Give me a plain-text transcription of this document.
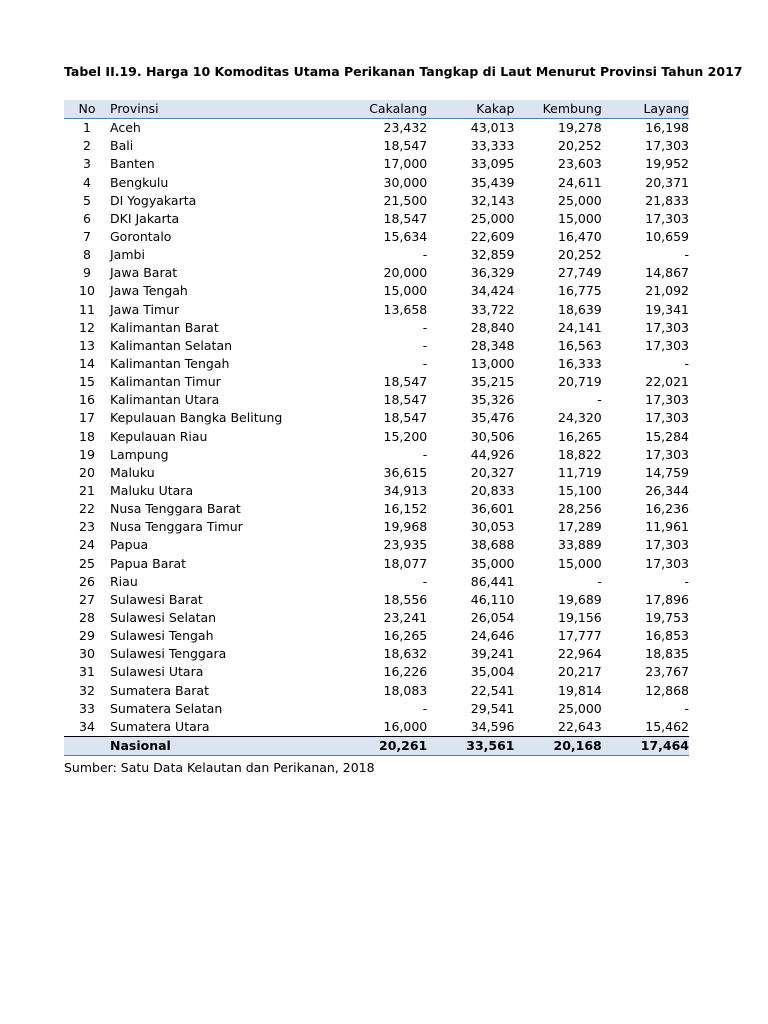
Tabel II.19. Harga 10 Komoditas Utama Perikanan Tangkap di Laut Menurut Provinsi Tahun 2017
No	Provinsi	Cakalang	Kakap	Kembung	Layang
1	Aceh	23,432	43,013	19,278	16,198
2	Bali	18,547	33,333	20,252	17,303
3	Banten	17,000	33,095	23,603	19,952
4	Bengkulu	30,000	35,439	24,611	20,371
5	DI Yogyakarta	21,500	32,143	25,000	21,833
6	DKI Jakarta	18,547	25,000	15,000	17,303
7	Gorontalo	15,634	22,609	16,470	10,659
8	Jambi	-	32,859	20,252	-
9	Jawa Barat	20,000	36,329	27,749	14,867
10	Jawa Tengah	15,000	34,424	16,775	21,092
11	Jawa Timur	13,658	33,722	18,639	19,341
12	Kalimantan Barat	-	28,840	24,141	17,303
13	Kalimantan Selatan	-	28,348	16,563	17,303
14	Kalimantan Tengah	-	13,000	16,333	-
15	Kalimantan Timur	18,547	35,215	20,719	22,021
16	Kalimantan Utara	18,547	35,326	-	17,303
17	Kepulauan Bangka Belitung	18,547	35,476	24,320	17,303
18	Kepulauan Riau	15,200	30,506	16,265	15,284
19	Lampung	-	44,926	18,822	17,303
20	Maluku	36,615	20,327	11,719	14,759
21	Maluku Utara	34,913	20,833	15,100	26,344
22	Nusa Tenggara Barat	16,152	36,601	28,256	16,236
23	Nusa Tenggara Timur	19,968	30,053	17,289	11,961
24	Papua	23,935	38,688	33,889	17,303
25	Papua Barat	18,077	35,000	15,000	17,303
26	Riau	-	86,441	-	-
27	Sulawesi Barat	18,556	46,110	19,689	17,896
28	Sulawesi Selatan	23,241	26,054	19,156	19,753
29	Sulawesi Tengah	16,265	24,646	17,777	16,853
30	Sulawesi Tenggara	18,632	39,241	22,964	18,835
31	Sulawesi Utara	16,226	35,004	20,217	23,767
32	Sumatera Barat	18,083	22,541	19,814	12,868
33	Sumatera Selatan	-	29,541	25,000	-
34	Sumatera Utara	16,000	34,596	22,643	15,462
	Nasional	20,261	33,561	20,168	17,464
Sumber: Satu Data Kelautan dan Perikanan, 2018
